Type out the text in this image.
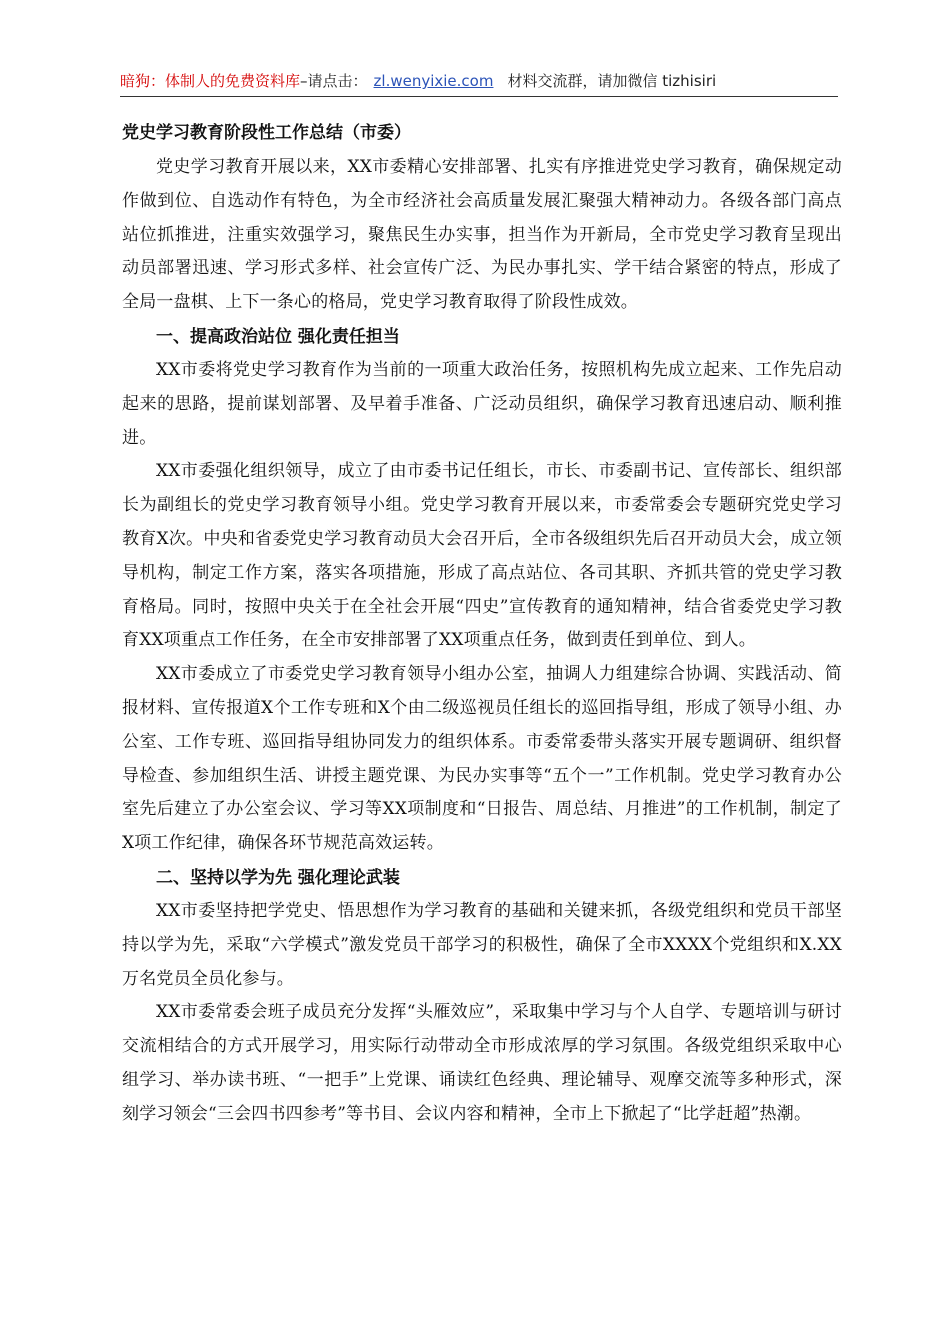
暗狗：体制人的免费资料库–请点击： zl.wenyixie.com 材料交流群，请加微信 tizhisiri

党史学习教育阶段性工作总结（市委）

党史学习教育开展以来，XX市委精心安排部署、扎实有序推进党史学习教育，确保规定动作做到位、自选动作有特色，为全市经济社会高质量发展汇聚强大精神动力。各级各部门高点站位抓推进，注重实效强学习，聚焦民生办实事，担当作为开新局，全市党史学习教育呈现出动员部署迅速、学习形式多样、社会宣传广泛、为民办事扎实、学干结合紧密的特点，形成了全局一盘棋、上下一条心的格局，党史学习教育取得了阶段性成效。

一、提高政治站位 强化责任担当

XX市委将党史学习教育作为当前的一项重大政治任务，按照机构先成立起来、工作先启动起来的思路，提前谋划部署、及早着手准备、广泛动员组织，确保学习教育迅速启动、顺利推进。

XX市委强化组织领导，成立了由市委书记任组长，市长、市委副书记、宣传部长、组织部长为副组长的党史学习教育领导小组。党史学习教育开展以来，市委常委会专题研究党史学习教育X次。中央和省委党史学习教育动员大会召开后，全市各级组织先后召开动员大会，成立领导机构，制定工作方案，落实各项措施，形成了高点站位、各司其职、齐抓共管的党史学习教育格局。同时，按照中央关于在全社会开展“四史”宣传教育的通知精神，结合省委党史学习教育XX项重点工作任务，在全市安排部署了XX项重点任务，做到责任到单位、到人。

XX市委成立了市委党史学习教育领导小组办公室，抽调人力组建综合协调、实践活动、简报材料、宣传报道X个工作专班和X个由二级巡视员任组长的巡回指导组，形成了领导小组、办公室、工作专班、巡回指导组协同发力的组织体系。市委常委带头落实开展专题调研、组织督导检查、参加组织生活、讲授主题党课、为民办实事等“五个一”工作机制。党史学习教育办公室先后建立了办公室会议、学习等XX项制度和“日报告、周总结、月推进”的工作机制，制定了X项工作纪律，确保各环节规范高效运转。

二、坚持以学为先 强化理论武装

XX市委坚持把学党史、悟思想作为学习教育的基础和关键来抓，各级党组织和党员干部坚持以学为先，采取“六学模式”激发党员干部学习的积极性，确保了全市XXXX个党组织和X.XX万名党员全员化参与。

XX市委常委会班子成员充分发挥“头雁效应”，采取集中学习与个人自学、专题培训与研讨交流相结合的方式开展学习，用实际行动带动全市形成浓厚的学习氛围。各级党组织采取中心组学习、举办读书班、“一把手”上党课、诵读红色经典、理论辅导、观摩交流等多种形式，深刻学习领会“三会四书四参考”等书目、会议内容和精神，全市上下掀起了“比学赶超”热潮。
